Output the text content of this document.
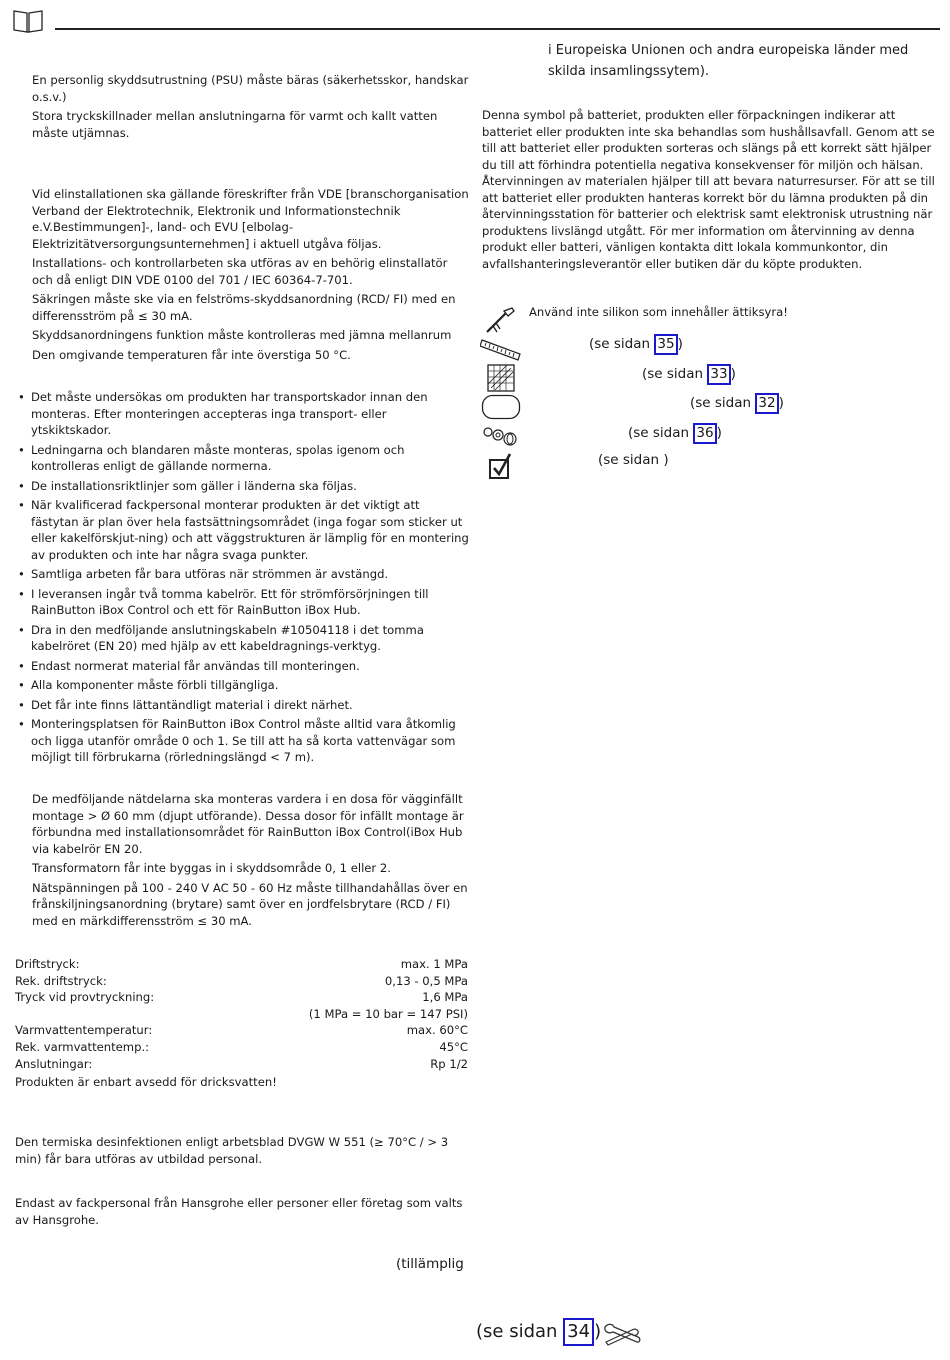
En personlig skyddsutrustning (PSU) måste bäras (säkerhetsskor, handskar o.s.v.)

Stora tryckskillnader mellan anslutningarna för varmt och kallt vatten måste utjämnas.

Vid elinstallationen ska gällande föreskrifter från VDE [branschorganisation Verband der Elektrotechnik, Elektronik und Informationstechnik e.V.Bestimmungen]-, land- och EVU [elbolag-Elektrizitätversorgungsunternehmen] i aktuell utgåva följas.

Installations- och kontrollarbeten ska utföras av en behörig elinstallatör och då enligt DIN VDE 0100 del 701 / IEC 60364-7-701.

Säkringen måste ske via en felströms-skyddsanordning (RCD/ FI) med en differensström på ≤ 30 mA.

Skyddsanordningens funktion måste kontrolleras med jämna mellanrum

Den omgivande temperaturen får inte överstiga 50 °C.

• Det måste undersökas om produkten har transportskador innan den monteras. Efter monteringen accepteras inga transport- eller ytskiktskador.
• Ledningarna och blandaren måste monteras, spolas igenom och kontrolleras enligt de gällande normerna.
• De installationsriktlinjer som gäller i länderna ska följas.
• När kvalificerad fackpersonal monterar produkten är det viktigt att fästytan är plan över hela fastsättningsområdet (inga fogar som sticker ut eller kakelförskjut-ning) och att väggstrukturen är lämplig för en montering av produkten och inte har några svaga punkter.
• Samtliga arbeten får bara utföras när strömmen är avstängd.
• I leveransen ingår två tomma kabelrör. Ett för strömförsörjningen till RainButton iBox Control och ett för RainButton iBox Hub.
• Dra in den medföljande anslutningskabeln #10504118 i det tomma kabelröret (EN 20) med hjälp av ett kabeldragnings-verktyg.
• Endast normerat material får användas till monteringen.
• Alla komponenter måste förbli tillgängliga.
• Det får inte finns lättantändligt material i direkt närhet.
• Monteringsplatsen för RainButton iBox Control måste alltid vara åtkomlig och ligga utanför område 0 och 1. Se till att ha så korta vattenvägar som möjligt till förbrukarna (rörledningslängd < 7 m).

De medföljande nätdelarna ska monteras vardera i en dosa för vägginfällt montage > Ø 60 mm (djupt utförande). Dessa dosor för infällt montage är förbundna med installationsområdet för RainButton iBox Control(iBox Hub via kabelrör EN 20.

Transformatorn får inte byggas in i skyddsområde 0, 1 eller 2.

Nätspänningen på 100 - 240 V AC 50 - 60 Hz måste tillhandahållas över en frånskiljningsanordning (brytare) samt över en jordfelsbrytare (RCD / FI) med en märkdifferensström ≤ 30 mA.

Driftstryck:	max. 1 MPa
Rek. driftstryck:	0,13 - 0,5 MPa
Tryck vid provtryckning:	1,6 MPa
(1 MPa = 10 bar = 147 PSI)
Varmvattentemperatur:	max. 60°C
Rek. varmvattentemp.:	45°C
Anslutningar:	Rp 1/2
Produkten är enbart avsedd för dricksvatten!
Den termiska desinfektionen enligt arbetsblad DVGW W 551 (≥ 70°C / > 3 min) får bara utföras av utbildad personal.
Endast av fackpersonal från Hansgrohe eller personer eller företag som valts av Hansgrohe.
(tillämplig
i Europeiska Unionen och andra europeiska länder med skilda insamlingssytem).
Denna symbol på batteriet, produkten eller förpackningen indikerar att batteriet eller produkten inte ska behandlas som hushållsavfall. Genom att se till att batteriet eller produkten sorteras och slängs på ett korrekt sätt hjälper du till att förhindra potentiella negativa konsekvenser för miljön och hälsan. Återvinningen av materialen hjälper till att bevara naturresurser. För att se till att batteriet eller produkten hanteras korrekt bör du lämna produkten på din återvinningsstation för batterier och elektrisk samt elektronisk utrustning när produktens livslängd utgått. För mer information om återvinning av denna produkt eller batteri, vänligen kontakta ditt lokala kommunkontor, din avfallshanteringsleverantör eller butiken där du köpte produkten.
Använd inte silikon som innehåller ättiksyra!
(se sidan 35 )
(se sidan 33 )
(se sidan 32 )
(se sidan 36 )
(se sidan )
(se sidan 34 )
